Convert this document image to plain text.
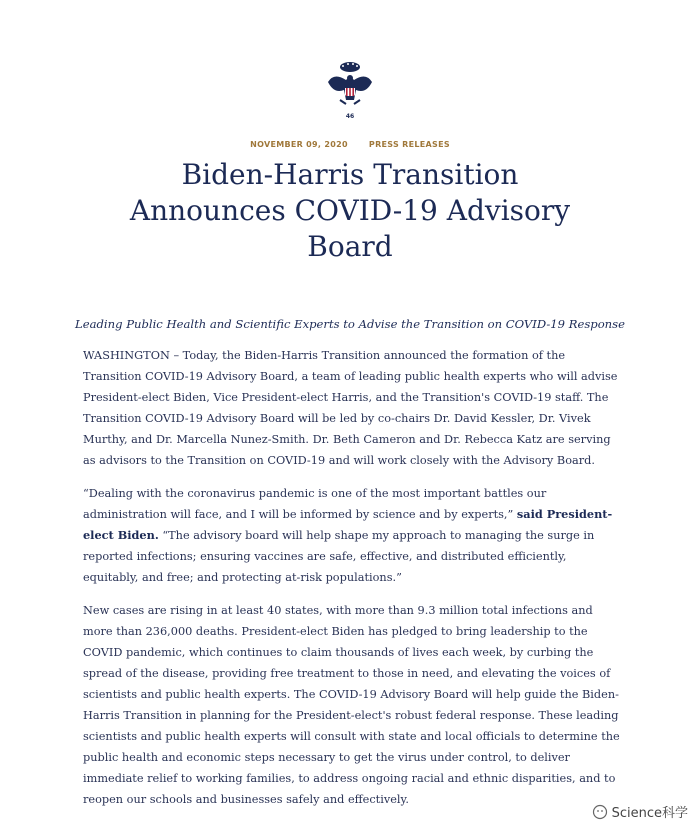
46
NOVEMBER 09, 2020	PRESS RELEASES
Biden-Harris Transition Announces COVID-19 Advisory Board
Leading Public Health and Scientific Experts to Advise the Transition on COVID-19 Response

WASHINGTON – Today, the Biden-Harris Transition announced the formation of the Transition COVID-19 Advisory Board, a team of leading public health experts who will advise President-elect Biden, Vice President-elect Harris, and the Transition's COVID-19 staff. The Transition COVID-19 Advisory Board will be led by co-chairs Dr. David Kessler, Dr. Vivek Murthy, and Dr. Marcella Nunez-Smith. Dr. Beth Cameron and Dr. Rebecca Katz are serving as advisors to the Transition on COVID-19 and will work closely with the Advisory Board.

“Dealing with the coronavirus pandemic is one of the most important battles our administration will face, and I will be informed by science and by experts,” said President-elect Biden. “The advisory board will help shape my approach to managing the surge in reported infections; ensuring vaccines are safe, effective, and distributed efficiently, equitably, and free; and protecting at-risk populations.”

New cases are rising in at least 40 states, with more than 9.3 million total infections and more than 236,000 deaths. President-elect Biden has pledged to bring leadership to the COVID pandemic, which continues to claim thousands of lives each week, by curbing the spread of the disease, providing free treatment to those in need, and elevating the voices of scientists and public health experts. The COVID-19 Advisory Board will help guide the Biden-Harris Transition in planning for the President-elect's robust federal response. These leading scientists and public health experts will consult with state and local officials to determine the public health and economic steps necessary to get the virus under control, to deliver immediate relief to working families, to address ongoing racial and ethnic disparities, and to reopen our schools and businesses safely and effectively.

Science科学
